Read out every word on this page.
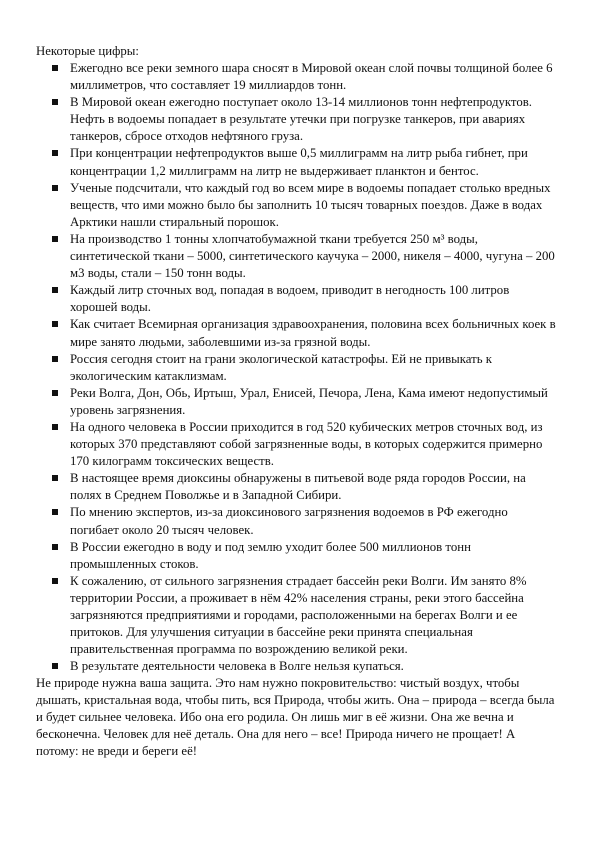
Некоторые цифры:

Ежегодно все реки земного шара сносят в Мировой океан слой почвы толщиной более 6 миллиметров, что составляет 19 миллиардов тонн.
В Мировой океан ежегодно поступает около 13-14 миллионов тонн нефтепродуктов. Нефть в водоемы попадает в результате утечки при погрузке танкеров, при авариях танкеров, сбросе отходов нефтяного груза.
При концентрации нефтепродуктов выше 0,5 миллиграмм на литр рыба гибнет, при концентрации 1,2 миллиграмм на литр не выдерживает планктон и бентос.
Ученые подсчитали, что каждый год во всем мире в водоемы попадает столько вредных веществ, что ими можно было бы заполнить 10 тысяч товарных поездов. Даже в водах Арктики нашли стиральный порошок.
На производство 1 тонны хлопчатобумажной ткани требуется 250 м³ воды, синтетической ткани – 5000, синтетического каучука – 2000, никеля – 4000, чугуна – 200 м3 воды, стали – 150 тонн воды.
Каждый литр сточных вод, попадая в водоем, приводит в негодность 100 литров хорошей воды.
Как считает Всемирная организация здравоохранения, половина всех больничных коек в мире занято людьми, заболевшими из-за грязной воды.
Россия сегодня стоит на грани экологической катастрофы. Ей не привыкать к экологическим катаклизмам.
Реки Волга, Дон, Обь, Иртыш, Урал, Енисей, Печора, Лена, Кама имеют недопустимый уровень загрязнения.
На одного человека в России приходится в год 520 кубических метров сточных вод, из которых 370 представляют собой загрязненные воды, в которых содержится примерно 170 килограмм токсических веществ.
В настоящее время диоксины обнаружены в питьевой воде ряда городов России, на полях в Среднем Поволжье и в Западной Сибири.
По мнению экспертов, из-за диоксинового загрязнения водоемов в РФ ежегодно погибает около 20 тысяч человек.
В России ежегодно в воду и под землю уходит более 500 миллионов тонн промышленных стоков.
К сожалению, от сильного загрязнения страдает бассейн реки Волги. Им занято 8% территории России, а проживает в нём 42% населения страны, реки этого бассейна загрязняются предприятиями и городами, расположенными на берегах Волги и ее притоков. Для улучшения ситуации в бассейне реки принята специальная правительственная программа по возрождению великой реки.
В результате деятельности человека в Волге нельзя купаться.

Не природе нужна ваша защита. Это нам нужно покровительство: чистый воздух, чтобы дышать, кристальная вода, чтобы пить, вся Природа, чтобы жить. Она – природа – всегда была и будет сильнее человека. Ибо она его родила. Он лишь миг в её жизни. Она же вечна и бесконечна. Человек для неё деталь. Она для него – все! Природа ничего не прощает! А потому: не вреди и береги её!
